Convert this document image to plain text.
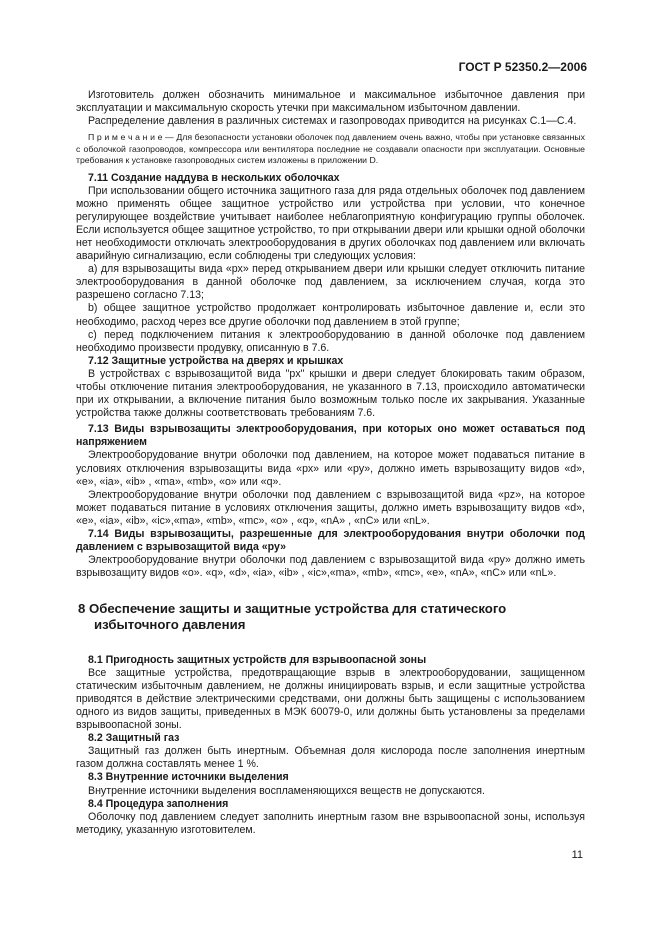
ГОСТ Р 52350.2—2006

Изготовитель должен обозначить минимальное и максимальное избыточное давления при эксплуатации и максимальную скорость утечки при максимальном избыточном давлении.

Распределение давления в различных системах и газопроводах приводится на рисунках С.1—С.4.

П р и м е ч а н и е — Для безопасности установки оболочек под давлением очень важно, чтобы при установке связанных с оболочкой газопроводов, компрессора или вентилятора последние не создавали опасности при эксплуатации. Основные требования к установке газопроводных систем изложены в приложении D.

7.11 Создание наддува в нескольких оболочках

При использовании общего источника защитного газа для ряда отдельных оболочек под давлением можно применять общее защитное устройство или устройства при условии, что конечное регулирующее воздействие учитывает наиболее неблагоприятную конфигурацию группы оболочек. Если используется общее защитное устройство, то при открывании двери или крышки одной оболочки нет необходимости отключать электрооборудования в других оболочках под давлением или включать аварийную сигнализацию, если соблюдены три следующих условия:

а) для взрывозащиты вида «рх» перед открыванием двери или крышки следует отключить питание электрооборудования в данной оболочке под давлением, за исключением случая, когда это разрешено согласно 7.13;

b) общее защитное устройство продолжает контролировать избыточное давление и, если это необходимо, расход через все другие оболочки под давлением в этой группе;

с) перед подключением питания к электрооборудованию в данной оболочке под давлением необходимо произвести продувку, описанную в 7.6.

7.12 Защитные устройства на дверях и крышках

В устройствах с взрывозащитой вида "px" крышки и двери следует блокировать таким образом, чтобы отключение питания электрооборудования, не указанного в 7.13, происходило автоматически при их открывании, а включение питания было возможным только после их закрывания. Указанные устройства также должны соответствовать требованиям 7.6.

7.13 Виды взрывозащиты электрооборудования, при которых оно может оставаться под напряжением

Электрооборудование внутри оболочки под давлением, на которое может подаваться питание в условиях отключения взрывозащиты вида «рх» или «ру», должно иметь взрывозащиту видов «d», «е», «ia», «ib» , «ma», «mb», «о» или «q».

Электрооборудование внутри оболочки под давлением с взрывозащитой вида «pz», на которое может подаваться питание в условиях отключения защиты, должно иметь взрывозащиту видов «d», «е», «ia», «ib», «ic»,«ma», «mb», «mc», «о» , «q», «nA» , «nC» или «nL».

7.14 Виды взрывозащиты, разрешенные для электрооборудования внутри оболочки под давлением с взрывозащитой вида «ру»

Электрооборудование внутри оболочки под давлением с взрывозащитой вида «ру» должно иметь взрывозащиту видов «о». «q», «d», «ia», «ib» , «ic»,«ma», «mb», «mc», «е», «nA», «nC» или «nL».

8 Обеспечение защиты и защитные устройства для статического
избыточного давления

8.1 Пригодность защитных устройств для взрывоопасной зоны

Все защитные устройства, предотвращающие взрыв в электрооборудовании, защищенном статическим избыточным давлением, не должны инициировать взрыв, и если защитные устройства приводятся в действие электрическими средствами, они должны быть защищены с использованием одного из видов защиты, приведенных в МЭК 60079-0, или должны быть установлены за пределами взрывоопасной зоны.

8.2 Защитный газ

Защитный газ должен быть инертным. Объемная доля кислорода после заполнения инертным газом должна составлять менее 1 %.

8.3 Внутренние источники выделения

Внутренние источники выделения воспламеняющихся веществ не допускаются.

8.4 Процедура заполнения

Оболочку под давлением следует заполнить инертным газом вне взрывоопасной зоны, используя методику, указанную изготовителем.

11
